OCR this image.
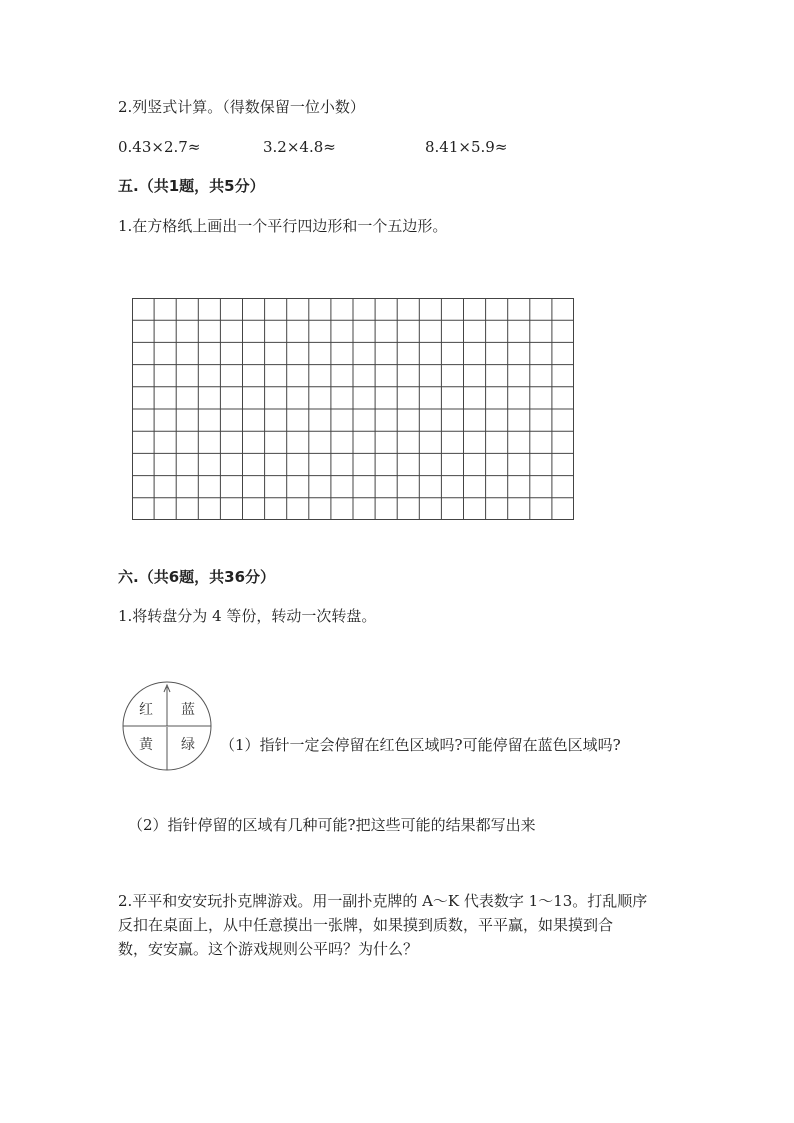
2.列竖式计算。（得数保留一位小数）

0.43×2.7≈	3.2×4.8≈	8.41×5.9≈
五.（共1题，共5分）

1.在方格纸上画出一个平行四边形和一个五边形。

六.（共6题，共36分）

1.将转盘分为 4 等份，转动一次转盘。

红 蓝
黄 绿 （1）指针一定会停留在红色区域吗?可能停留在蓝色区域吗?
（2）指针停留的区域有几种可能?把这些可能的结果都写出来

2.平平和安安玩扑克牌游戏。用一副扑克牌的 A～K 代表数字 1～13。打乱顺序
反扣在桌面上，从中任意摸出一张牌，如果摸到质数，平平赢，如果摸到合
数，安安赢。这个游戏规则公平吗？为什么？
